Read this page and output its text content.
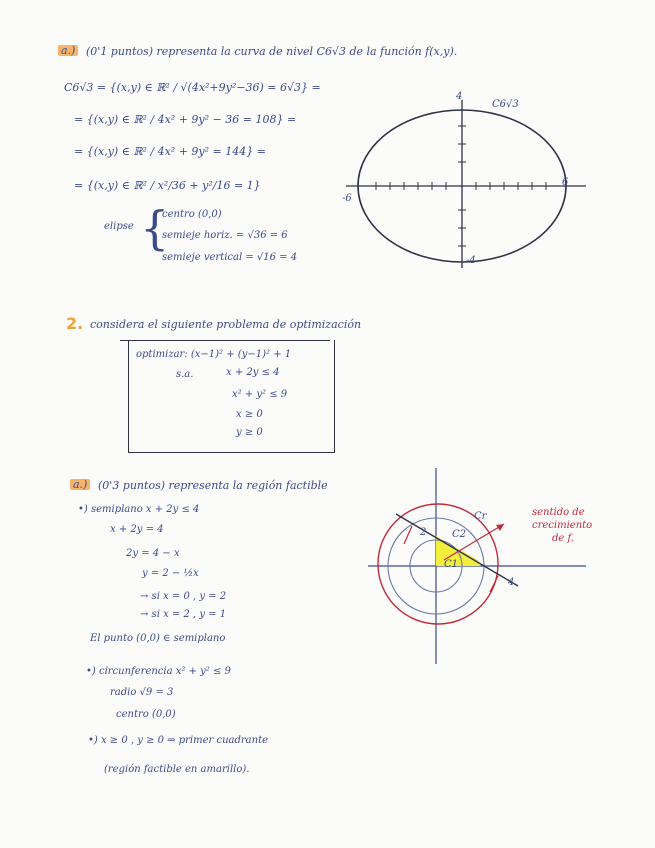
a.) (0'1 puntos) representa la curva de nivel C6√3 de la función f(x,y).
C6√3 = {(x,y) ∈ ℝ² / √(4x²+9y²−36) = 6√3} =
= {(x,y) ∈ ℝ² / 4x² + 9y² − 36 = 108} =
= {(x,y) ∈ ℝ² / 4x² + 9y² = 144} =
= {(x,y) ∈ ℝ² / x²/36 + y²/16 = 1}
elipse {
centro (0,0)
semieje horiz. = √36 = 6
semieje vertical = √16 = 4
C6√3
4
-4
-6
6
2. considera el siguiente problema de optimización
optimizar: (x−1)² + (y−1)² + 1
s.a.	x + 2y ≤ 4
x² + y² ≤ 9
x ≥ 0
y ≥ 0
a.) (0'3 puntos) representa la región factible
•) semiplano x + 2y ≤ 4
x + 2y = 4
2y = 4 − x
y = 2 − ½x
→ si x = 0 , y = 2
→ si x = 2 , y = 1
El punto (0,0) ∈ semiplano
•) circunferencia x² + y² ≤ 9
radio √9 = 3
centro (0,0)
•) x ≥ 0 , y ≥ 0 ⇒ primer cuadrante
(región factible en amarillo).
Cr
C2
C1
2
4
sentido de
crecimiento
de f.
